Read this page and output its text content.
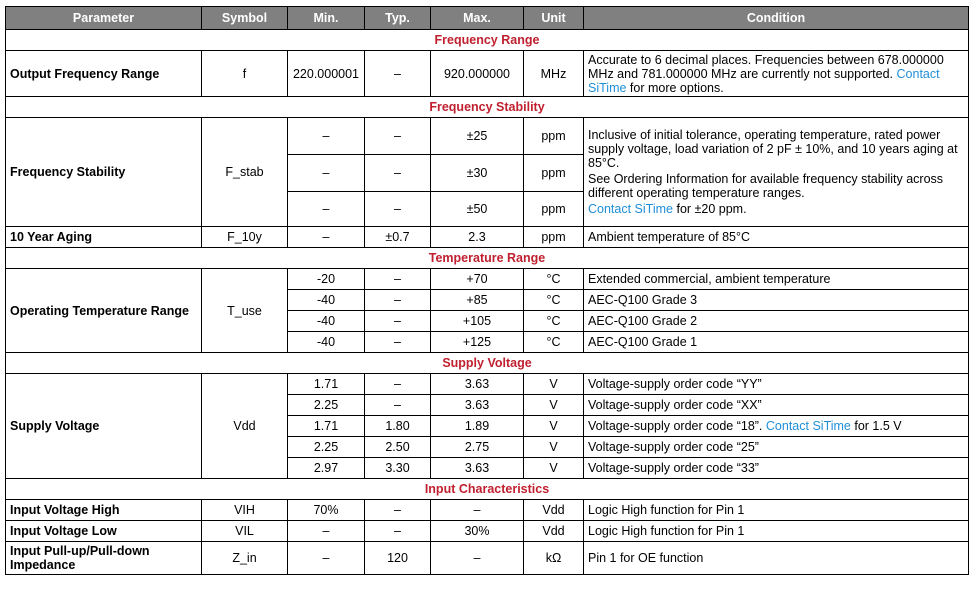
Parameter	Symbol	Min.	Typ.	Max.	Unit	Condition
Frequency Range						
Output Frequency Range	f	220.000001	–	920.000000	MHz	Accurate to 6 decimal places. Frequencies between 678.000000 MHz and 781.000000 MHz are currently not supported. Contact SiTime for more options.
Frequency Stability						
Frequency Stability	F_stab	–	–	±25	ppm	Inclusive of initial tolerance, operating temperature, rated power supply voltage, load variation of 2 pF ± 10%, and 10 years aging at 85°C.
See Ordering Information for available frequency stability across different operating temperature ranges.
Contact SiTime for ±20 ppm.

		–	–	±30	ppm	
		–	–	±50	ppm	
10 Year Aging	F_10y	–	±0.7	2.3	ppm	Ambient temperature of 85°C
Temperature Range						
Operating Temperature Range	T_use	-20	–	+70	°C	Extended commercial, ambient temperature
		-40	–	+85	°C	AEC-Q100 Grade 3
		-40	–	+105	°C	AEC-Q100 Grade 2
		-40	–	+125	°C	AEC-Q100 Grade 1
Supply Voltage						
Supply Voltage	Vdd	1.71	–	3.63	V	Voltage-supply order code “YY”
		2.25	–	3.63	V	Voltage-supply order code “XX”
		1.71	1.80	1.89	V	Voltage-supply order code “18”. Contact SiTime for 1.5 V
		2.25	2.50	2.75	V	Voltage-supply order code “25”
		2.97	3.30	3.63	V	Voltage-supply order code “33”
Input Characteristics						
Input Voltage High	VIH	70%	–	–	Vdd	Logic High function for Pin 1
Input Voltage Low	VIL	–	–	30%	Vdd	Logic High function for Pin 1
Input Pull-up/Pull-down Impedance	Z_in	–	120	–	kΩ	Pin 1 for OE function
